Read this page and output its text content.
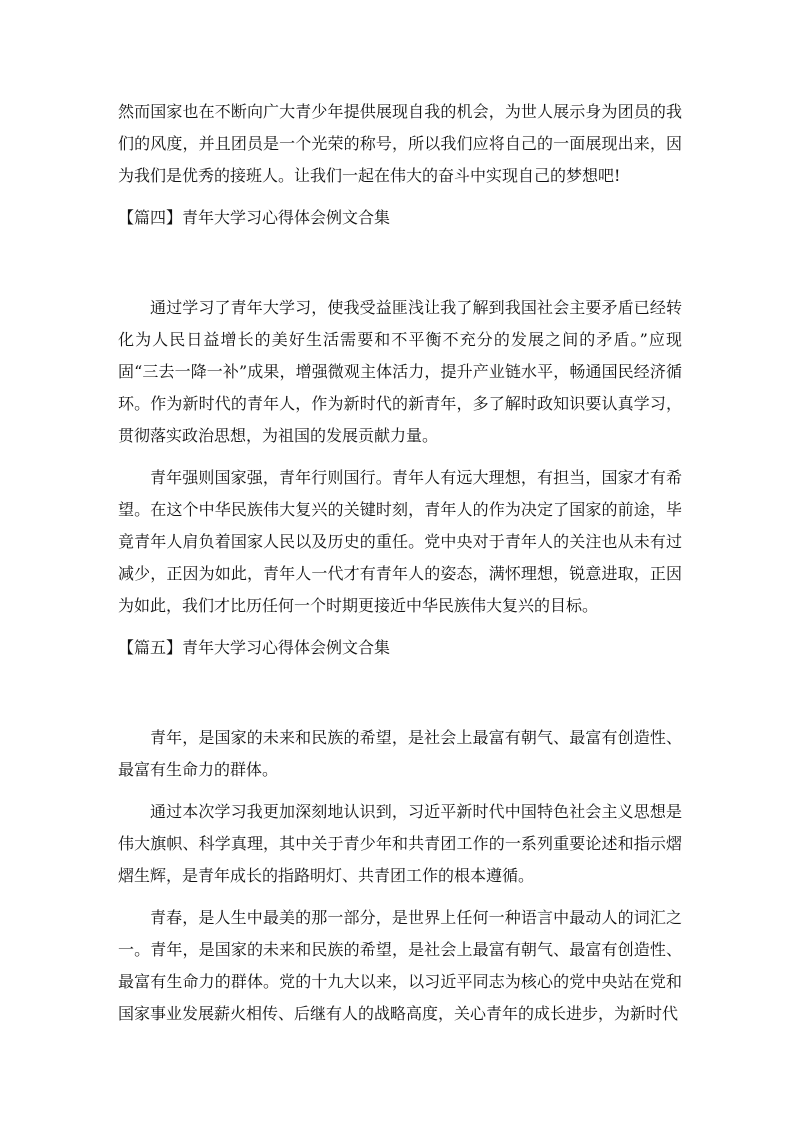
然而国家也在不断向广大青少年提供展现自我的机会，为世人展示身为团员的我们的风度，并且团员是一个光荣的称号，所以我们应将自己的一面展现出来，因为我们是优秀的接班人。让我们一起在伟大的奋斗中实现自己的梦想吧!

【篇四】青年大学习心得体会例文合集

通过学习了青年大学习，使我受益匪浅让我了解到我国社会主要矛盾已经转化为人民日益增长的美好生活需要和不平衡不充分的发展之间的矛盾。”应现固“三去一降一补”成果，增强微观主体活力，提升产业链水平，畅通国民经济循环。作为新时代的青年人，作为新时代的新青年，多了解时政知识要认真学习，贯彻落实政治思想，为祖国的发展贡献力量。

青年强则国家强，青年行则国行。青年人有远大理想，有担当，国家才有希望。在这个中华民族伟大复兴的关键时刻，青年人的作为决定了国家的前途，毕竟青年人肩负着国家人民以及历史的重任。党中央对于青年人的关注也从未有过减少，正因为如此，青年人一代才有青年人的姿态，满怀理想，锐意进取，正因为如此，我们才比历任何一个时期更接近中华民族伟大复兴的目标。

【篇五】青年大学习心得体会例文合集

青年，是国家的未来和民族的希望，是社会上最富有朝气、最富有创造性、最富有生命力的群体。

通过本次学习我更加深刻地认识到，习近平新时代中国特色社会主义思想是伟大旗帜、科学真理，其中关于青少年和共青团工作的一系列重要论述和指示熠熠生辉，是青年成长的指路明灯、共青团工作的根本遵循。

青春，是人生中最美的那一部分，是世界上任何一种语言中最动人的词汇之一。青年，是国家的未来和民族的希望，是社会上最富有朝气、最富有创造性、最富有生命力的群体。党的十九大以来，以习近平同志为核心的党中央站在党和国家事业发展薪火相传、后继有人的战略高度，关心青年的成长进步，为新时代
